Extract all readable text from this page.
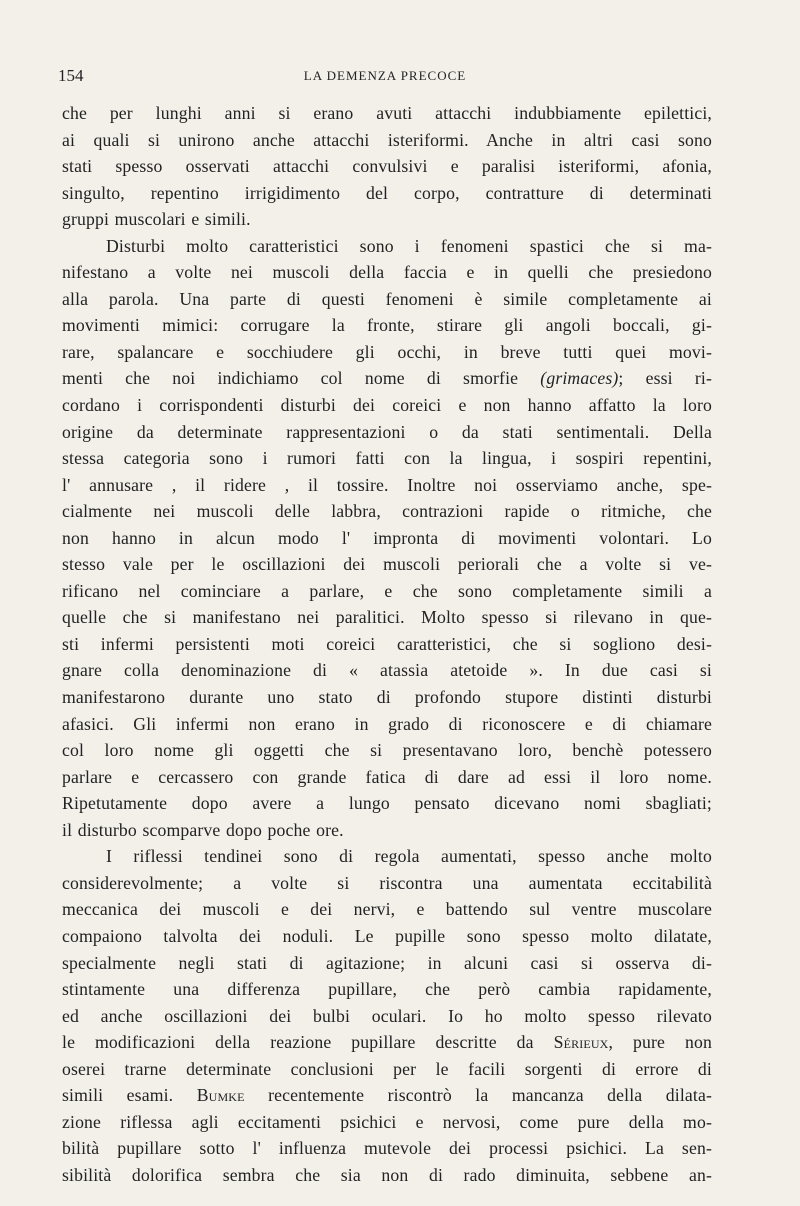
154	LA DEMENZA PRECOCE
che per lunghi anni si erano avuti attacchi indubbiamente epilettici,
ai quali si unirono anche attacchi isteriformi. Anche in altri casi sono
stati spesso osservati attacchi convulsivi e paralisi isteriformi, afonia,
singulto, repentino irrigidimento del corpo, contratture di determinati
gruppi muscolari e simili.
Disturbi molto caratteristici sono i fenomeni spastici che si ma-
nifestano a volte nei muscoli della faccia e in quelli che presiedono
alla parola. Una parte di questi fenomeni è simile completamente ai
movimenti mimici: corrugare la fronte, stirare gli angoli boccali, gi-
rare, spalancare e socchiudere gli occhi, in breve tutti quei movi-
menti che noi indichiamo col nome di smorfie (grimaces); essi ri-
cordano i corrispondenti disturbi dei coreici e non hanno affatto la loro
origine da determinate rappresentazioni o da stati sentimentali. Della
stessa categoria sono i rumori fatti con la lingua, i sospiri repentini,
l' annusare , il ridere , il tossire. Inoltre noi osserviamo anche, spe-
cialmente nei muscoli delle labbra, contrazioni rapide o ritmiche, che
non hanno in alcun modo l' impronta di movimenti volontari. Lo
stesso vale per le oscillazioni dei muscoli periorali che a volte si ve-
rificano nel cominciare a parlare, e che sono completamente simili a
quelle che si manifestano nei paralitici. Molto spesso si rilevano in que-
sti infermi persistenti moti coreici caratteristici, che si sogliono desi-
gnare colla denominazione di « atassia atetoide ». In due casi si
manifestarono durante uno stato di profondo stupore distinti disturbi
afasici. Gli infermi non erano in grado di riconoscere e di chiamare
col loro nome gli oggetti che si presentavano loro, benchè potessero
parlare e cercassero con grande fatica di dare ad essi il loro nome.
Ripetutamente dopo avere a lungo pensato dicevano nomi sbagliati;
il disturbo scomparve dopo poche ore.
I riflessi tendinei sono di regola aumentati, spesso anche molto
considerevolmente; a volte si riscontra una aumentata eccitabilità
meccanica dei muscoli e dei nervi, e battendo sul ventre muscolare
compaiono talvolta dei noduli. Le pupille sono spesso molto dilatate,
specialmente negli stati di agitazione; in alcuni casi si osserva di-
stintamente una differenza pupillare, che però cambia rapidamente,
ed anche oscillazioni dei bulbi oculari. Io ho molto spesso rilevato
le modificazioni della reazione pupillare descritte da Sérieux, pure non
oserei trarne determinate conclusioni per le facili sorgenti di errore di
simili esami. Bumke recentemente riscontrò la mancanza della dilata-
zione riflessa agli eccitamenti psichici e nervosi, come pure della mo-
bilità pupillare sotto l' influenza mutevole dei processi psichici. La sen-
sibilità dolorifica sembra che sia non di rado diminuita, sebbene an-
